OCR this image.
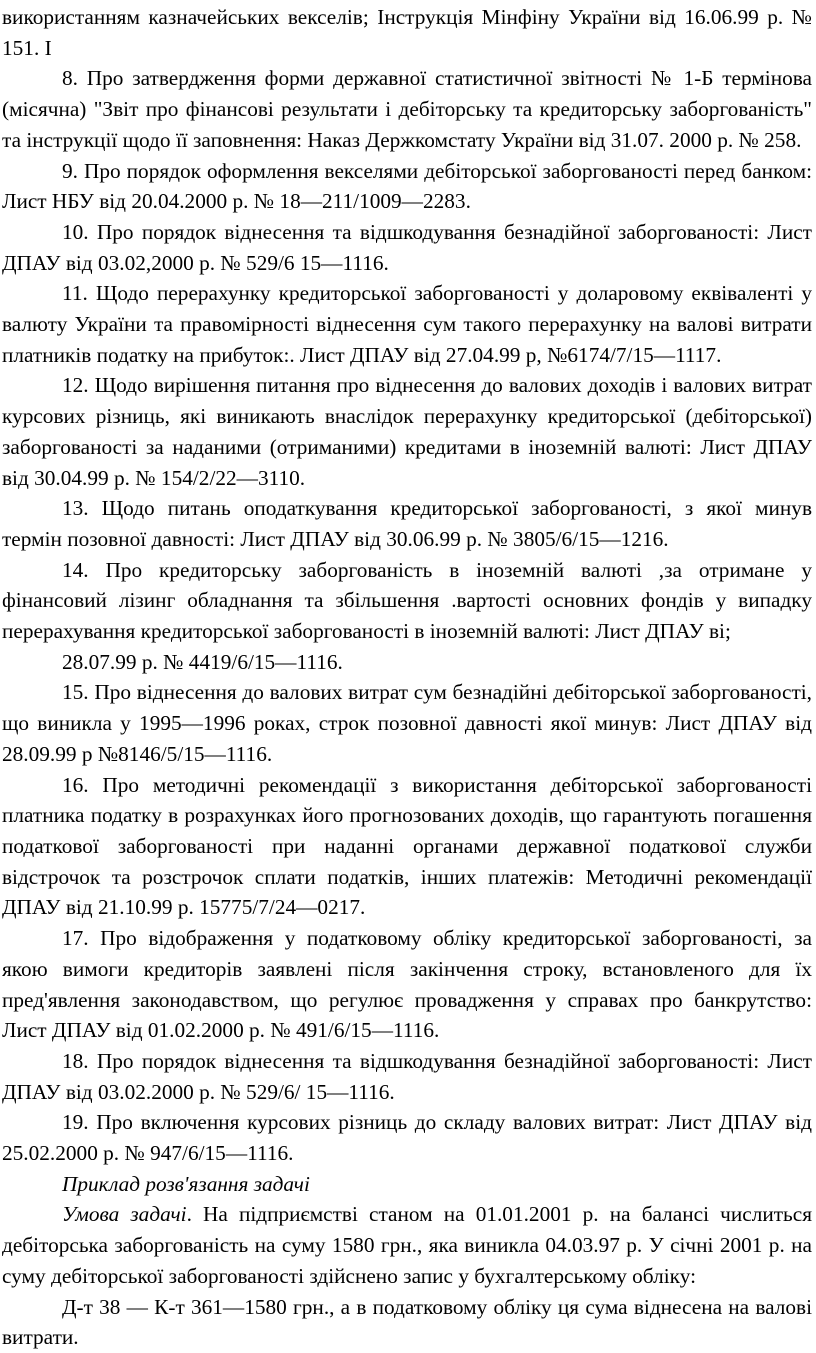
використанням казначейських векселів; Інструкція Мінфіну України від 16.06.99 р. № 151. І

8. Про затвердження форми державної статистичної звітності № 1-Б термінова (місячна) "Звіт про фінансові результати і дебіторську та кредиторську заборгованість" та інструкції щодо її заповнення: Наказ Держкомстату України від 31.07. 2000 р. № 258.

9. Про порядок оформлення векселями дебіторської заборгованості перед банком: Лист НБУ від 20.04.2000 р. № 18—211/1009—2283.

10. Про порядок віднесення та відшкодування безнадійної заборгованості: Лист ДПАУ від 03.02,2000 р. № 529/6 15—1116.

11. Щодо перерахунку кредиторської заборгованості у доларовому еквіваленті у валюту України та правомірності віднесення сум такого перерахунку на валові витрати платників податку на прибуток:. Лист ДПАУ від 27.04.99 р, №6174/7/15—1117.

12. Щодо вирішення питання про віднесення до валових доходів і валових витрат курсових різниць, які виникають внаслідок перерахунку кредиторської (дебіторської) заборгованості за наданими (отриманими) кредитами в іноземній валюті: Лист ДПАУ від 30.04.99 р. № 154/2/22—3110.

13. Щодо питань оподаткування кредиторської заборгованості, з якої минув термін позовної давності: Лист ДПАУ від 30.06.99 р. № 3805/6/15—1216.

14. Про кредиторську заборгованість в іноземній валюті ,за отримане у фінансовий лізинг обладнання та збільшення .вартості основних фондів у випадку перерахування кредиторської заборгованості в іноземній валюті: Лист ДПАУ ві;

28.07.99 р. № 4419/6/15—1116.

15. Про віднесення до валових витрат сум безнадійні дебіторської заборгованості, що виникла у 1995—1996 роках, строк позовної давності якої минув: Лист ДПАУ від 28.09.99 р №8146/5/15—1116.

16. Про методичні рекомендації з використання дебіторської заборгованості платника податку в розрахунках його прогнозованих доходів, що гарантують погашення податкової заборгованості при наданні органами державної податкової служби відстрочок та розстрочок сплати податків, інших платежів: Методичні рекомендації ДПАУ від 21.10.99 р. 15775/7/24—0217.

17. Про відображення у податковому обліку кредиторської заборгованості, за якою вимоги кредиторів заявлені після закінчення строку, встановленого для їх пред'явлення законодавством, що регулює провадження у справах про банкрутство: Лист ДПАУ від 01.02.2000 р. № 491/6/15—1116.

18. Про порядок віднесення та відшкодування безнадійної заборгованості: Лист ДПАУ від 03.02.2000 р. № 529/6/ 15—1116.

19. Про включення курсових різниць до складу валових витрат: Лист ДПАУ від 25.02.2000 р. № 947/6/15—1116.

Приклад розв'язання задачі

Умова задачі. На підприємстві станом на 01.01.2001 р. на балансі числиться дебіторська заборгованість на суму 1580 грн., яка виникла 04.03.97 р. У січні 2001 р. на суму дебіторської заборгованості здійснено запис у бухгалтерському обліку:

Д-т 38 — К-т 361—1580 грн., а в податковому обліку ця сума віднесена на валові витрати.
